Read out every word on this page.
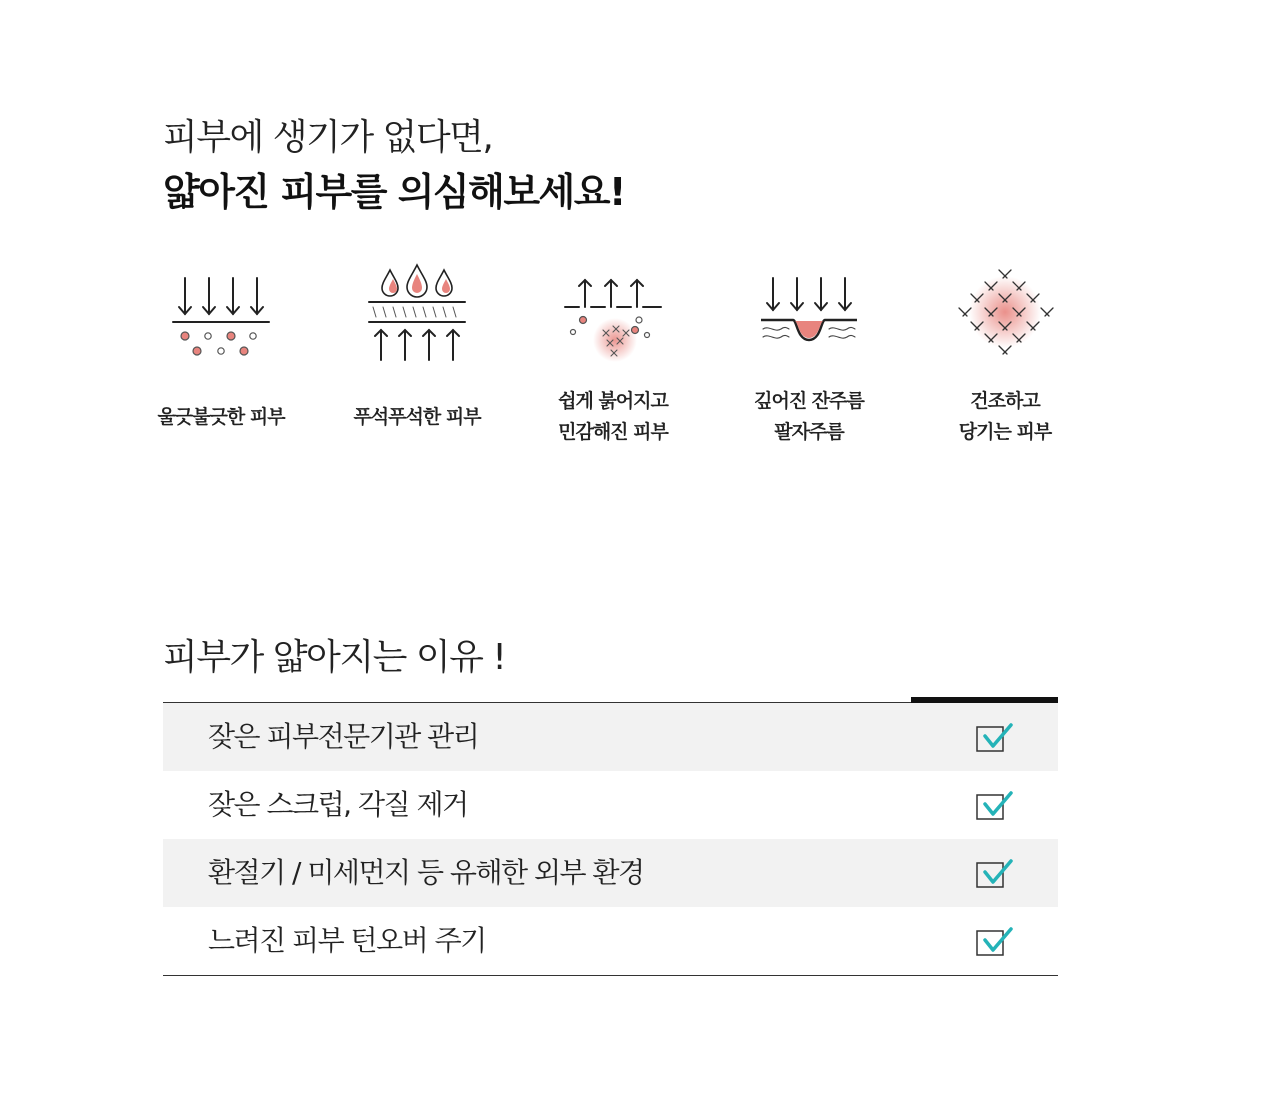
피부에 생기가 없다면,
얇아진 피부를 의심해보세요!
울긋불긋한 피부	푸석푸석한 피부
쉽게 붉어지고
민감해진 피부
깊어진 잔주름
팔자주름
건조하고
당기는 피부
피부가 얇아지는 이유 !
잦은 피부전문기관 관리
잦은 스크럽, 각질 제거
환절기 / 미세먼지 등 유해한 외부 환경
느려진 피부 턴오버 주기
